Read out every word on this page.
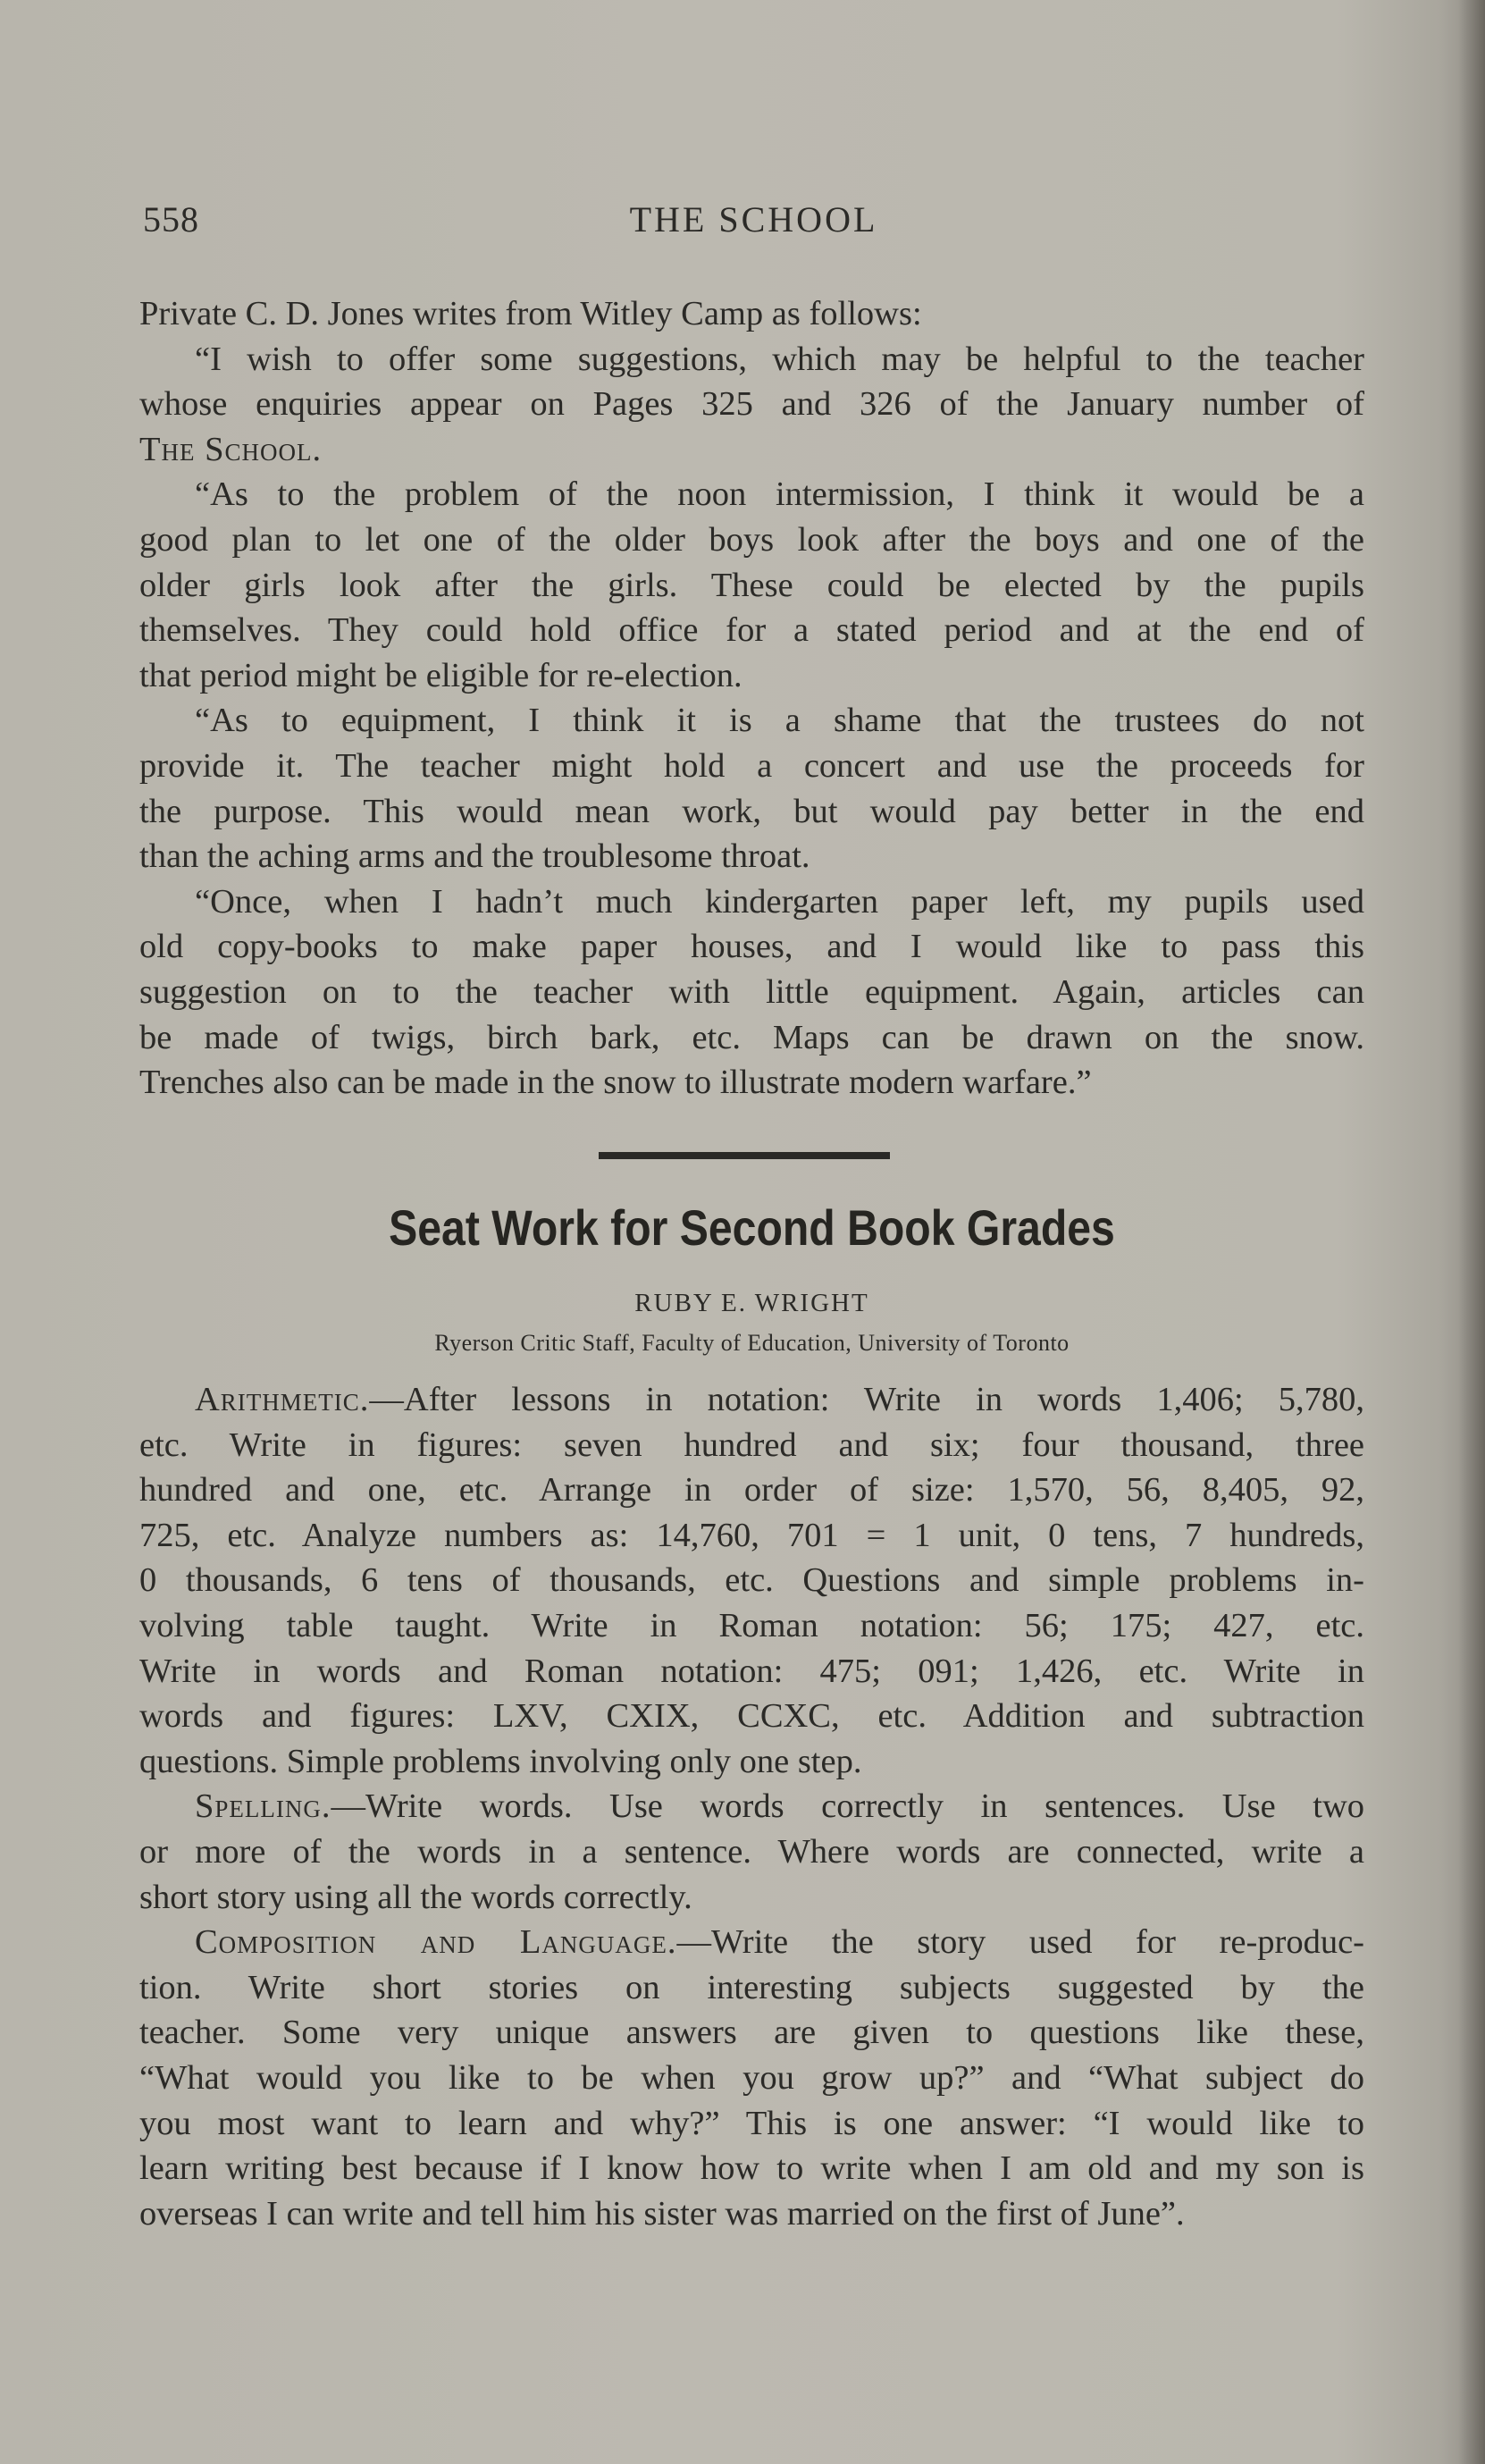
558	THE SCHOOL

Private C. D. Jones writes from Witley Camp as follows:

“I wish to offer some suggestions, which may be helpful to the teacher

whose enquiries appear on Pages 325 and 326 of the January number of

The School.

“As to the problem of the noon intermission, I think it would be a

good plan to let one of the older boys look after the boys and one of the

older girls look after the girls. These could be elected by the pupils

themselves. They could hold office for a stated period and at the end of

that period might be eligible for re-election.

“As to equipment, I think it is a shame that the trustees do not

provide it. The teacher might hold a concert and use the proceeds for

the purpose. This would mean work, but would pay better in the end

than the aching arms and the troublesome throat.

“Once, when I hadn’t much kindergarten paper left, my pupils used

old copy-books to make paper houses, and I would like to pass this

suggestion on to the teacher with little equipment. Again, articles can

be made of twigs, birch bark, etc. Maps can be drawn on the snow.

Trenches also can be made in the snow to illustrate modern warfare.”

Seat Work for Second Book Grades
RUBY E. WRIGHT
Ryerson Critic Staff, Faculty of Education, University of Toronto

Arithmetic.—After lessons in notation: Write in words 1,406; 5,780,

etc. Write in figures: seven hundred and six; four thousand, three

hundred and one, etc. Arrange in order of size: 1,570, 56, 8,405, 92,

725, etc. Analyze numbers as: 14,760, 701 = 1 unit, 0 tens, 7 hundreds,

0 thousands, 6 tens of thousands, etc. Questions and simple problems in-

volving table taught. Write in Roman notation: 56; 175; 427, etc.

Write in words and Roman notation: 475; 091; 1,426, etc. Write in

words and figures: LXV, CXIX, CCXC, etc. Addition and subtraction

questions. Simple problems involving only one step.

Spelling.—Write words. Use words correctly in sentences. Use two

or more of the words in a sentence. Where words are connected, write a

short story using all the words correctly.

Composition and Language.—Write the story used for re-produc-

tion. Write short stories on interesting subjects suggested by the

teacher. Some very unique answers are given to questions like these,

“What would you like to be when you grow up?” and “What subject do

you most want to learn and why?” This is one answer: “I would like to

learn writing best because if I know how to write when I am old and my son is

overseas I can write and tell him his sister was married on the first of June”.
